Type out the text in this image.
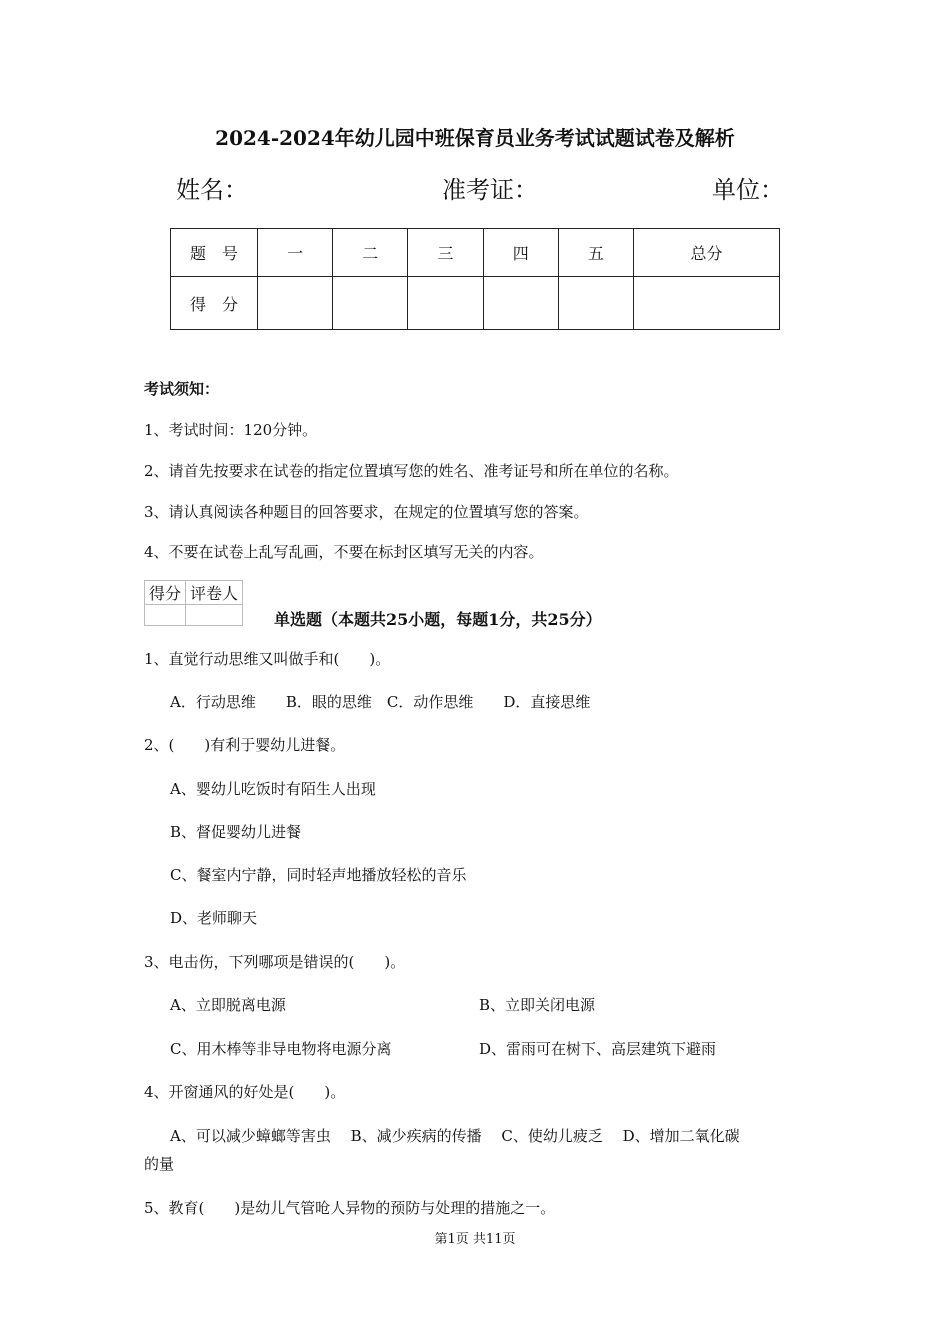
2024-2024年幼儿园中班保育员业务考试试题试卷及解析
姓名：	准考证：	单位：
题　号	一	二	三	四	五	总分
得　分						
考试须知：
1、考试时间：120分钟。
2、请首先按要求在试卷的指定位置填写您的姓名、准考证号和所在单位的名称。
3、请认真阅读各种题目的回答要求，在规定的位置填写您的答案。
4、不要在试卷上乱写乱画，不要在标封区填写无关的内容。
得分	评卷人

单选题（本题共25小题，每题1分，共25分）
1、直觉行动思维又叫做手和(　　)。
A．行动思维　　B．眼的思维　C．动作思维　　D．直接思维
2、(　　)有利于婴幼儿进餐。
A、婴幼儿吃饭时有陌生人出现
B、督促婴幼儿进餐
C、餐室内宁静，同时轻声地播放轻松的音乐
D、老师聊天
3、电击伤，下列哪项是错误的(　　)。
A、立即脱离电源	B、立即关闭电源
C、用木棒等非导电物将电源分离	D、雷雨可在树下、高层建筑下避雨
4、开窗通风的好处是(　　)。
A、可以减少蟑螂等害虫　 B、减少疾病的传播　 C、使幼儿疲乏　 D、增加二氧化碳
的量
5、教育(　　)是幼儿气管呛人异物的预防与处理的措施之一。
第1页 共11页
